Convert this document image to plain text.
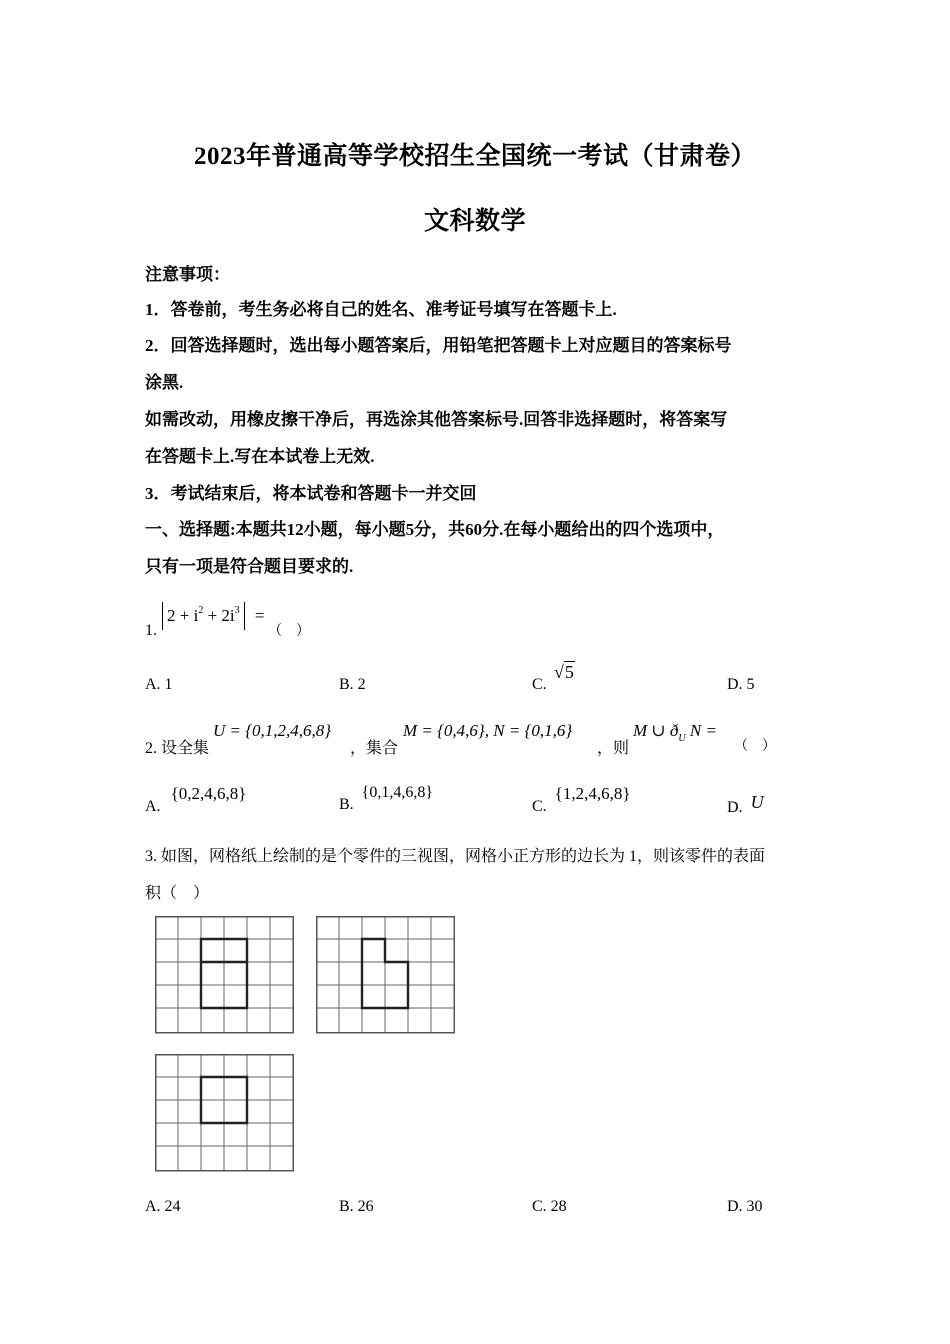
2023年普通高等学校招生全国统一考试（甘肃卷）
文科数学
注意事项：
1．答卷前，考生务必将自己的姓名、准考证号填写在答题卡上.
2．回答选择题时，选出每小题答案后，用铅笔把答题卡上对应题目的答案标号
涂黑.
如需改动，用橡皮擦干净后，再选涂其他答案标号.回答非选择题时，将答案写
在答题卡上.写在本试卷上无效.
3．考试结束后，将本试卷和答题卡一并交回
一、选择题:本题共12小题，每小题5分，共60分.在每小题给出的四个选项中，
只有一项是符合题目要求的.
1.
$2 + i^2 + 2i^3$ =
（　）
A. 1	B. 2	C.
√5
D. 5
2. 设全集
U = {0,1,2,4,6,8}
，集合
M = {0,4,6}, N = {0,1,6}
，则
M ∪ $ð_U$ N =
（　）
A. {0,2,4,6,8}
B. {0,1,4,6,8}
C. {1,2,4,6,8}
D. U
3. 如图，网格纸上绘制的是个零件的三视图，网格小正方形的边长为 1，则该零件的表面
积（　）
A. 24	B. 26	C. 28	D. 30
